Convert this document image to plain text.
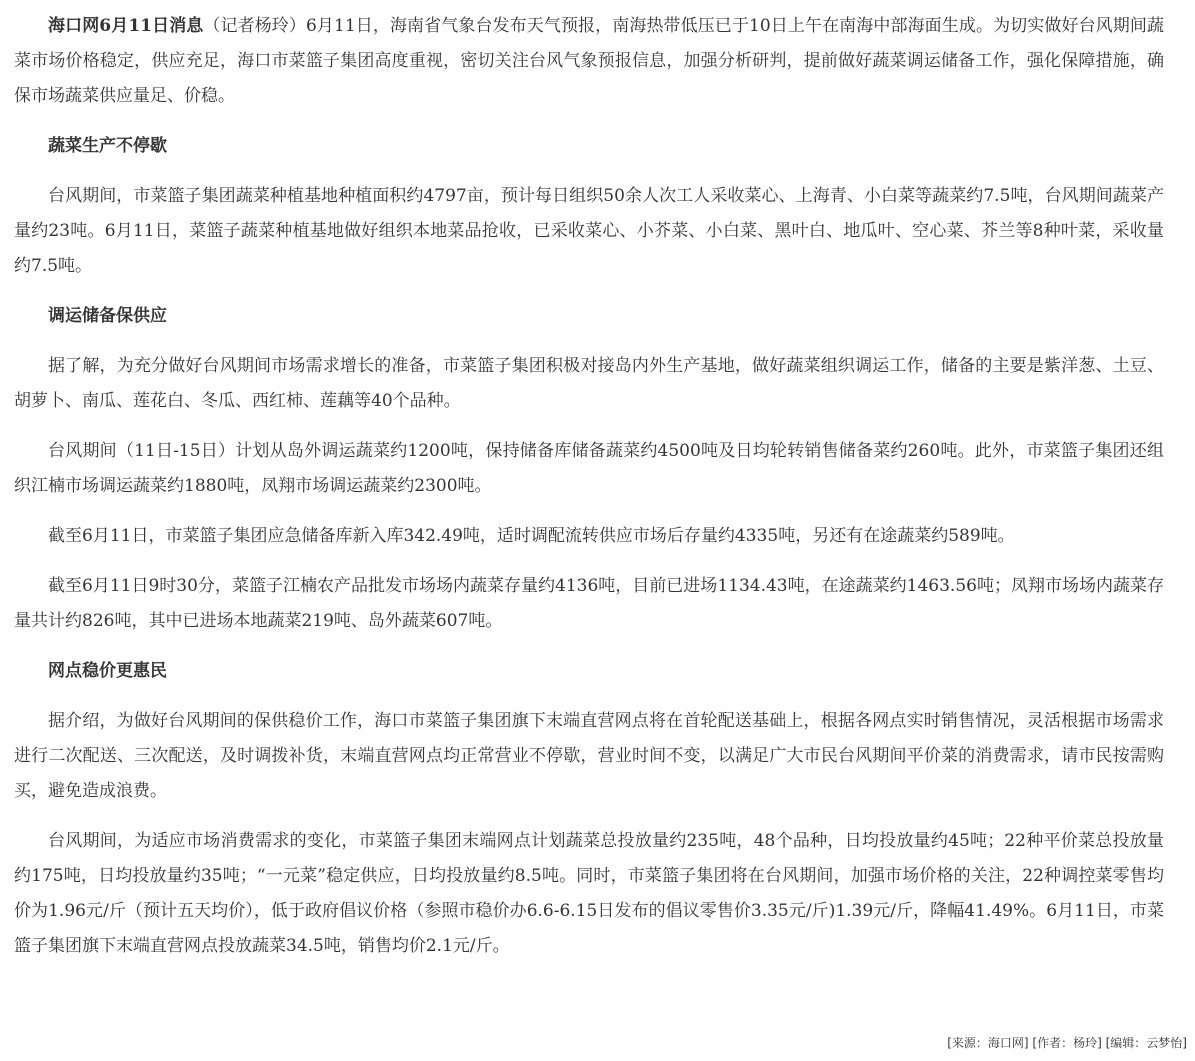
海口网6月11日消息（记者杨玲）6月11日，海南省气象台发布天气预报，南海热带低压已于10日上午在南海中部海面生成。为切实做好台风期间蔬菜市场价格稳定，供应充足，海口市菜篮子集团高度重视，密切关注台风气象预报信息，加强分析研判，提前做好蔬菜调运储备工作，强化保障措施，确保市场蔬菜供应量足、价稳。

蔬菜生产不停歇

台风期间，市菜篮子集团蔬菜种植基地种植面积约4797亩，预计每日组织50余人次工人采收菜心、上海青、小白菜等蔬菜约7.5吨，台风期间蔬菜产量约23吨。6月11日，菜篮子蔬菜种植基地做好组织本地菜品抢收，已采收菜心、小芥菜、小白菜、黑叶白、地瓜叶、空心菜、芥兰等8种叶菜，采收量约7.5吨。

调运储备保供应

据了解，为充分做好台风期间市场需求增长的准备，市菜篮子集团积极对接岛内外生产基地，做好蔬菜组织调运工作，储备的主要是紫洋葱、土豆、胡萝卜、南瓜、莲花白、冬瓜、西红柿、莲藕等40个品种。

台风期间（11日-15日）计划从岛外调运蔬菜约1200吨，保持储备库储备蔬菜约4500吨及日均轮转销售储备菜约260吨。此外，市菜篮子集团还组织江楠市场调运蔬菜约1880吨，凤翔市场调运蔬菜约2300吨。

截至6月11日，市菜篮子集团应急储备库新入库342.49吨，适时调配流转供应市场后存量约4335吨，另还有在途蔬菜约589吨。

截至6月11日9时30分，菜篮子江楠农产品批发市场场内蔬菜存量约4136吨，目前已进场1134.43吨，在途蔬菜约1463.56吨；凤翔市场场内蔬菜存量共计约826吨，其中已进场本地蔬菜219吨、岛外蔬菜607吨。

网点稳价更惠民

据介绍，为做好台风期间的保供稳价工作，海口市菜篮子集团旗下末端直营网点将在首轮配送基础上，根据各网点实时销售情况，灵活根据市场需求进行二次配送、三次配送，及时调拨补货，末端直营网点均正常营业不停歇，营业时间不变，以满足广大市民台风期间平价菜的消费需求，请市民按需购买，避免造成浪费。

台风期间，为适应市场消费需求的变化，市菜篮子集团末端网点计划蔬菜总投放量约235吨，48个品种，日均投放量约45吨；22种平价菜总投放量约175吨，日均投放量约35吨；“一元菜”稳定供应，日均投放量约8.5吨。同时，市菜篮子集团将在台风期间，加强市场价格的关注，22种调控菜零售均价为1.96元/斤（预计五天均价），低于政府倡议价格（参照市稳价办6.6-6.15日发布的倡议零售价3.35元/斤)1.39元/斤，降幅41.49%。6月11日，市菜篮子集团旗下末端直营网点投放蔬菜34.5吨，销售均价2.1元/斤。

[来源：海口网] [作者：杨玲] [编辑：云梦怡]
